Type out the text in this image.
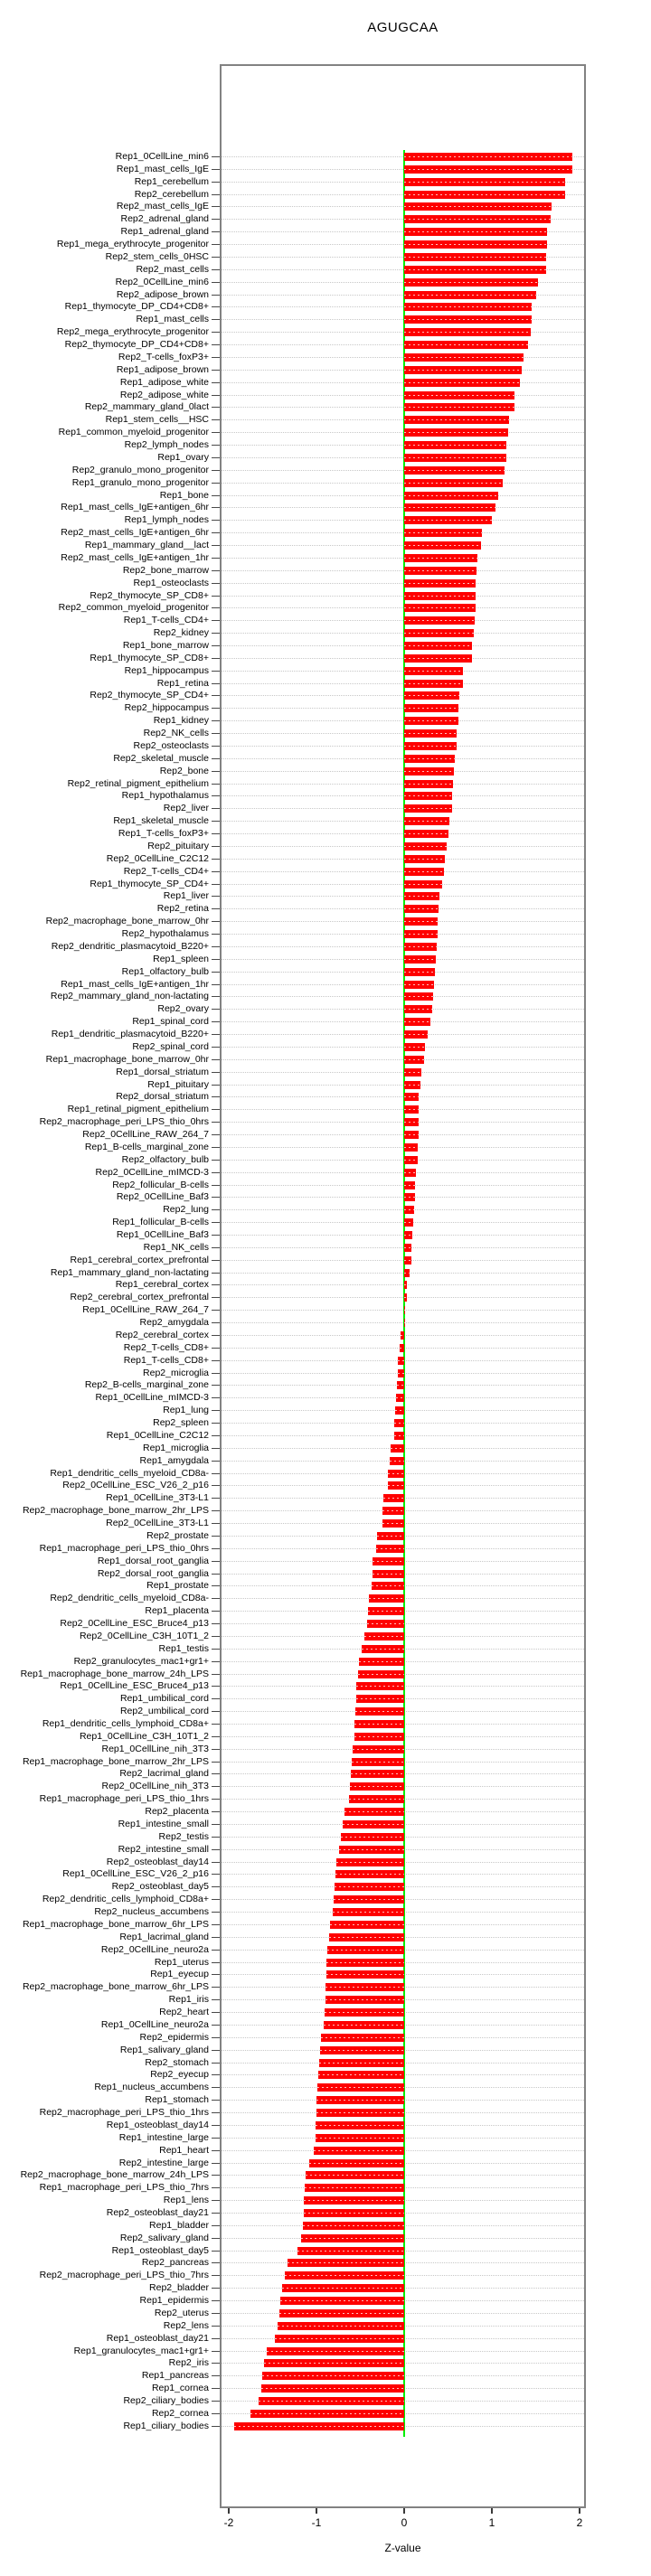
AGUGCAA
Rep1_0CellLine_min6
Rep1_mast_cells_IgE
Rep1_cerebellum
Rep2_cerebellum
Rep2_mast_cells_IgE
Rep2_adrenal_gland
Rep1_adrenal_gland
Rep1_mega_erythrocyte_progenitor
Rep2_stem_cells_0HSC
Rep2_mast_cells
Rep2_0CellLine_min6
Rep2_adipose_brown
Rep1_thymocyte_DP_CD4+CD8+
Rep1_mast_cells
Rep2_mega_erythrocyte_progenitor
Rep2_thymocyte_DP_CD4+CD8+
Rep2_T-cells_foxP3+
Rep1_adipose_brown
Rep1_adipose_white
Rep2_adipose_white
Rep2_mammary_gland_0lact
Rep1_stem_cells__HSC
Rep1_common_myeloid_progenitor
Rep2_lymph_nodes
Rep1_ovary
Rep2_granulo_mono_progenitor
Rep1_granulo_mono_progenitor
Rep1_bone
Rep1_mast_cells_IgE+antigen_6hr
Rep1_lymph_nodes
Rep2_mast_cells_IgE+antigen_6hr
Rep1_mammary_gland__lact
Rep2_mast_cells_IgE+antigen_1hr
Rep2_bone_marrow
Rep1_osteoclasts
Rep2_thymocyte_SP_CD8+
Rep2_common_myeloid_progenitor
Rep1_T-cells_CD4+
Rep2_kidney
Rep1_bone_marrow
Rep1_thymocyte_SP_CD8+
Rep1_hippocampus
Rep1_retina
Rep2_thymocyte_SP_CD4+
Rep2_hippocampus
Rep1_kidney
Rep2_NK_cells
Rep2_osteoclasts
Rep2_skeletal_muscle
Rep2_bone
Rep2_retinal_pigment_epithelium
Rep1_hypothalamus
Rep2_liver
Rep1_skeletal_muscle
Rep1_T-cells_foxP3+
Rep2_pituitary
Rep2_0CellLine_C2C12
Rep2_T-cells_CD4+
Rep1_thymocyte_SP_CD4+
Rep1_liver
Rep2_retina
Rep2_macrophage_bone_marrow_0hr
Rep2_hypothalamus
Rep2_dendritic_plasmacytoid_B220+
Rep1_spleen
Rep1_olfactory_bulb
Rep1_mast_cells_IgE+antigen_1hr
Rep2_mammary_gland_non-lactating
Rep2_ovary
Rep1_spinal_cord
Rep1_dendritic_plasmacytoid_B220+
Rep2_spinal_cord
Rep1_macrophage_bone_marrow_0hr
Rep1_dorsal_striatum
Rep1_pituitary
Rep2_dorsal_striatum
Rep1_retinal_pigment_epithelium
Rep2_macrophage_peri_LPS_thio_0hrs
Rep2_0CellLine_RAW_264_7
Rep1_B-cells_marginal_zone
Rep2_olfactory_bulb
Rep2_0CellLine_mIMCD-3
Rep2_follicular_B-cells
Rep2_0CellLine_Baf3
Rep2_lung
Rep1_follicular_B-cells
Rep1_0CellLine_Baf3
Rep1_NK_cells
Rep1_cerebral_cortex_prefrontal
Rep1_mammary_gland_non-lactating
Rep1_cerebral_cortex
Rep2_cerebral_cortex_prefrontal
Rep1_0CellLine_RAW_264_7
Rep2_amygdala
Rep2_cerebral_cortex
Rep2_T-cells_CD8+
Rep1_T-cells_CD8+
Rep2_microglia
Rep2_B-cells_marginal_zone
Rep1_0CellLine_mIMCD-3
Rep1_lung
Rep2_spleen
Rep1_0CellLine_C2C12
Rep1_microglia
Rep1_amygdala
Rep1_dendritic_cells_myeloid_CD8a-
Rep2_0CellLine_ESC_V26_2_p16
Rep1_0CellLine_3T3-L1
Rep2_macrophage_bone_marrow_2hr_LPS
Rep2_0CellLine_3T3-L1
Rep2_prostate
Rep1_macrophage_peri_LPS_thio_0hrs
Rep1_dorsal_root_ganglia
Rep2_dorsal_root_ganglia
Rep1_prostate
Rep2_dendritic_cells_myeloid_CD8a-
Rep1_placenta
Rep2_0CellLine_ESC_Bruce4_p13
Rep2_0CellLine_C3H_10T1_2
Rep1_testis
Rep2_granulocytes_mac1+gr1+
Rep1_macrophage_bone_marrow_24h_LPS
Rep1_0CellLine_ESC_Bruce4_p13
Rep1_umbilical_cord
Rep2_umbilical_cord
Rep1_dendritic_cells_lymphoid_CD8a+
Rep1_0CellLine_C3H_10T1_2
Rep1_0CellLine_nih_3T3
Rep1_macrophage_bone_marrow_2hr_LPS
Rep2_lacrimal_gland
Rep2_0CellLine_nih_3T3
Rep1_macrophage_peri_LPS_thio_1hrs
Rep2_placenta
Rep1_intestine_small
Rep2_testis
Rep2_intestine_small
Rep2_osteoblast_day14
Rep1_0CellLine_ESC_V26_2_p16
Rep2_osteoblast_day5
Rep2_dendritic_cells_lymphoid_CD8a+
Rep2_nucleus_accumbens
Rep1_macrophage_bone_marrow_6hr_LPS
Rep1_lacrimal_gland
Rep2_0CellLine_neuro2a
Rep1_uterus
Rep1_eyecup
Rep2_macrophage_bone_marrow_6hr_LPS
Rep1_iris
Rep2_heart
Rep1_0CellLine_neuro2a
Rep2_epidermis
Rep1_salivary_gland
Rep2_stomach
Rep2_eyecup
Rep1_nucleus_accumbens
Rep1_stomach
Rep2_macrophage_peri_LPS_thio_1hrs
Rep1_osteoblast_day14
Rep1_intestine_large
Rep1_heart
Rep2_intestine_large
Rep2_macrophage_bone_marrow_24h_LPS
Rep1_macrophage_peri_LPS_thio_7hrs
Rep1_lens
Rep2_osteoblast_day21
Rep1_bladder
Rep2_salivary_gland
Rep1_osteoblast_day5
Rep2_pancreas
Rep2_macrophage_peri_LPS_thio_7hrs
Rep2_bladder
Rep1_epidermis
Rep2_uterus
Rep2_lens
Rep1_osteoblast_day21
Rep1_granulocytes_mac1+gr1+
Rep2_iris
Rep1_pancreas
Rep1_cornea
Rep2_ciliary_bodies
Rep2_cornea
Rep1_ciliary_bodies
-2	-1	0	1	2
Z-value
